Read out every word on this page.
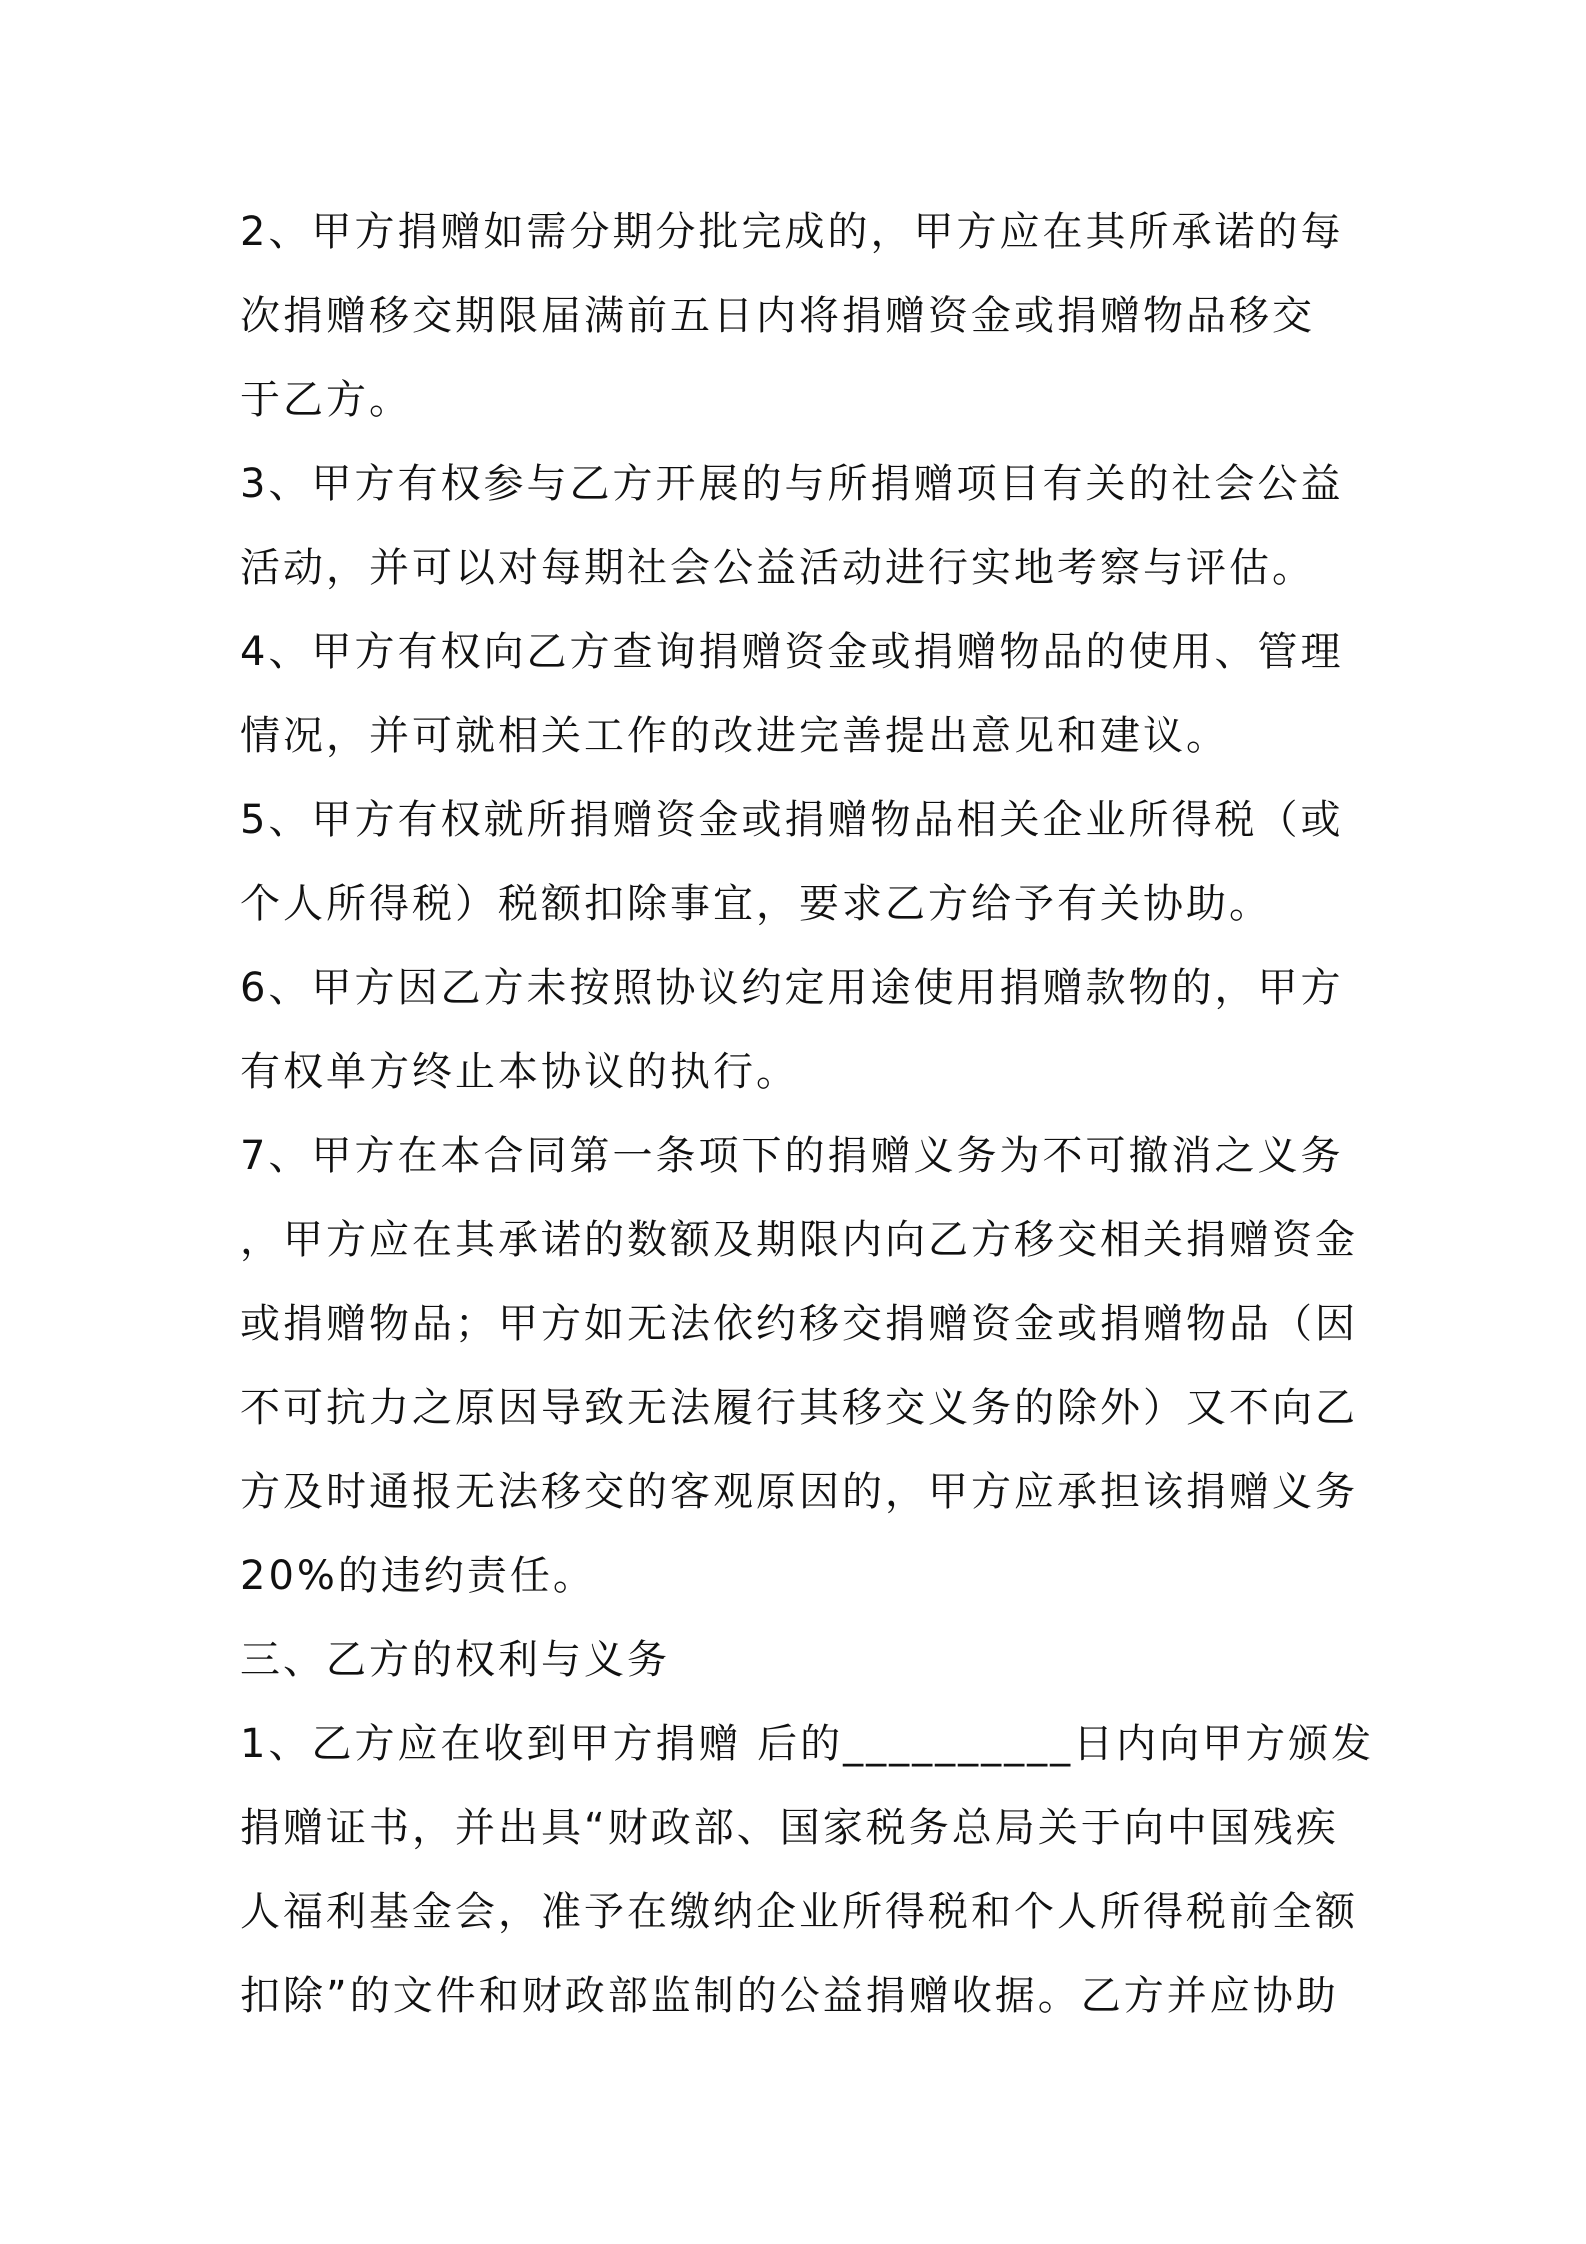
2、甲方捐赠如需分期分批完成的，甲方应在其所承诺的每
次捐赠移交期限届满前五日内将捐赠资金或捐赠物品移交
于乙方。
3、甲方有权参与乙方开展的与所捐赠项目有关的社会公益
活动，并可以对每期社会公益活动进行实地考察与评估。
4、甲方有权向乙方查询捐赠资金或捐赠物品的使用、管理
情况，并可就相关工作的改进完善提出意见和建议。
5、甲方有权就所捐赠资金或捐赠物品相关企业所得税（或
个人所得税）税额扣除事宜，要求乙方给予有关协助。
6、甲方因乙方未按照协议约定用途使用捐赠款物的，甲方
有权单方终止本协议的执行。
7、甲方在本合同第一条项下的捐赠义务为不可撤消之义务
，甲方应在其承诺的数额及期限内向乙方移交相关捐赠资金
或捐赠物品；甲方如无法依约移交捐赠资金或捐赠物品（因
不可抗力之原因导致无法履行其移交义务的除外）又不向乙
方及时通报无法移交的客观原因的，甲方应承担该捐赠义务
20%的违约责任。
三、乙方的权利与义务
1、乙方应在收到甲方捐赠 后的__________日内向甲方颁发
捐赠证书，并出具“财政部、国家税务总局关于向中国残疾
人福利基金会，准予在缴纳企业所得税和个人所得税前全额
扣除”的文件和财政部监制的公益捐赠收据。乙方并应协助
